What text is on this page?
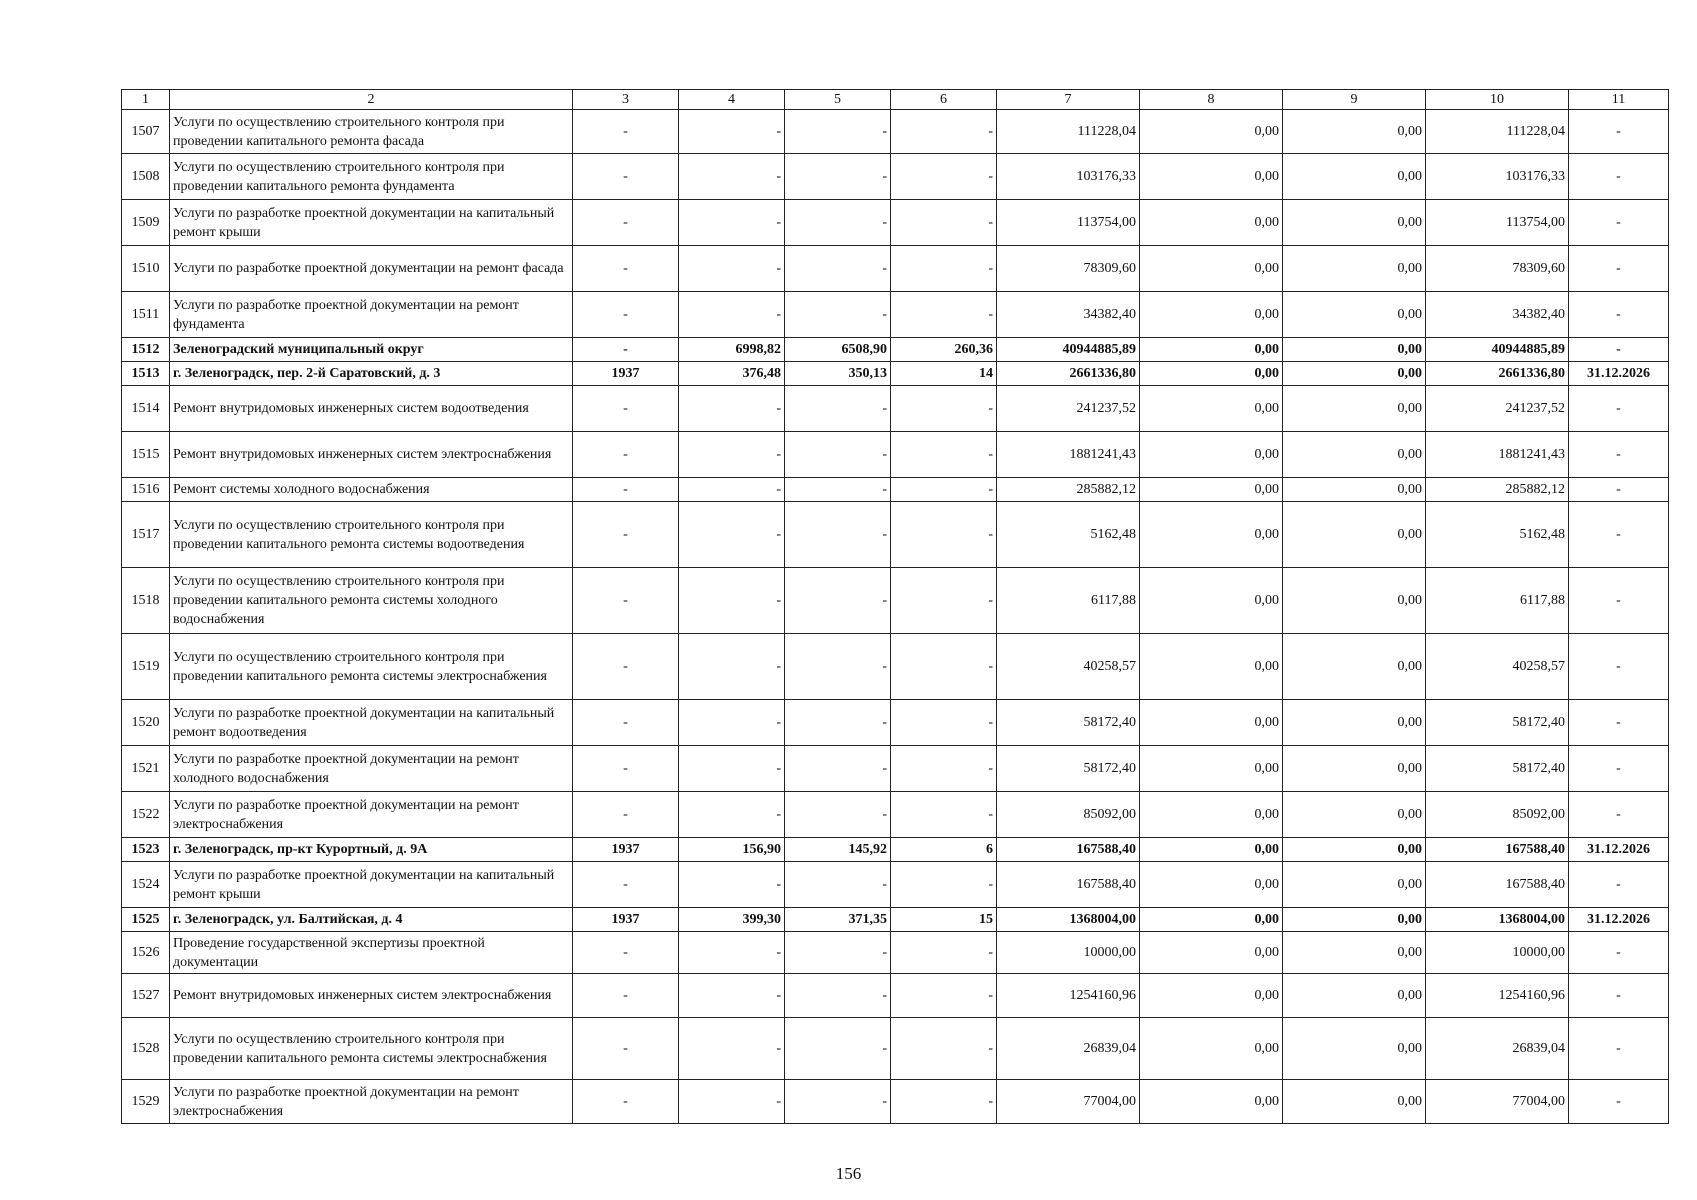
1	2	3	4	5	6	7	8	9	10	11
1507	Услуги по осуществлению строительного контроля при проведении капитального ремонта фасада	-	-	-	-	111228,04	0,00	0,00	111228,04	-
1508	Услуги по осуществлению строительного контроля при проведении капитального ремонта фундамента	-	-	-	-	103176,33	0,00	0,00	103176,33	-
1509	Услуги по разработке проектной документации на капитальный ремонт крыши	-	-	-	-	113754,00	0,00	0,00	113754,00	-
1510	Услуги по разработке проектной документации на ремонт фасада	-	-	-	-	78309,60	0,00	0,00	78309,60	-
1511	Услуги по разработке проектной документации на ремонт фундамента	-	-	-	-	34382,40	0,00	0,00	34382,40	-
1512	Зеленоградский муниципальный округ	-	6998,82	6508,90	260,36	40944885,89	0,00	0,00	40944885,89	-
1513	г. Зеленоградск, пер. 2-й Саратовский, д. 3	1937	376,48	350,13	14	2661336,80	0,00	0,00	2661336,80	31.12.2026
1514	Ремонт внутридомовых инженерных систем водоотведения	-	-	-	-	241237,52	0,00	0,00	241237,52	-
1515	Ремонт внутридомовых инженерных систем электроснабжения	-	-	-	-	1881241,43	0,00	0,00	1881241,43	-
1516	Ремонт системы холодного водоснабжения	-	-	-	-	285882,12	0,00	0,00	285882,12	-
1517	Услуги по осуществлению строительного контроля при проведении капитального ремонта системы водоотведения	-	-	-	-	5162,48	0,00	0,00	5162,48	-
1518	Услуги по осуществлению строительного контроля при проведении капитального ремонта системы холодного водоснабжения	-	-	-	-	6117,88	0,00	0,00	6117,88	-
1519	Услуги по осуществлению строительного контроля при проведении капитального ремонта системы электроснабжения	-	-	-	-	40258,57	0,00	0,00	40258,57	-
1520	Услуги по разработке проектной документации на капитальный ремонт водоотведения	-	-	-	-	58172,40	0,00	0,00	58172,40	-
1521	Услуги по разработке проектной документации на ремонт холодного водоснабжения	-	-	-	-	58172,40	0,00	0,00	58172,40	-
1522	Услуги по разработке проектной документации на ремонт электроснабжения	-	-	-	-	85092,00	0,00	0,00	85092,00	-
1523	г. Зеленоградск, пр-кт Курортный, д. 9А	1937	156,90	145,92	6	167588,40	0,00	0,00	167588,40	31.12.2026
1524	Услуги по разработке проектной документации на капитальный ремонт крыши	-	-	-	-	167588,40	0,00	0,00	167588,40	-
1525	г. Зеленоградск, ул. Балтийская, д. 4	1937	399,30	371,35	15	1368004,00	0,00	0,00	1368004,00	31.12.2026
1526	Проведение государственной экспертизы проектной документации	-	-	-	-	10000,00	0,00	0,00	10000,00	-
1527	Ремонт внутридомовых инженерных систем электроснабжения	-	-	-	-	1254160,96	0,00	0,00	1254160,96	-
1528	Услуги по осуществлению строительного контроля при проведении капитального ремонта системы электроснабжения	-	-	-	-	26839,04	0,00	0,00	26839,04	-
1529	Услуги по разработке проектной документации на ремонт электроснабжения	-	-	-	-	77004,00	0,00	0,00	77004,00	-
156
